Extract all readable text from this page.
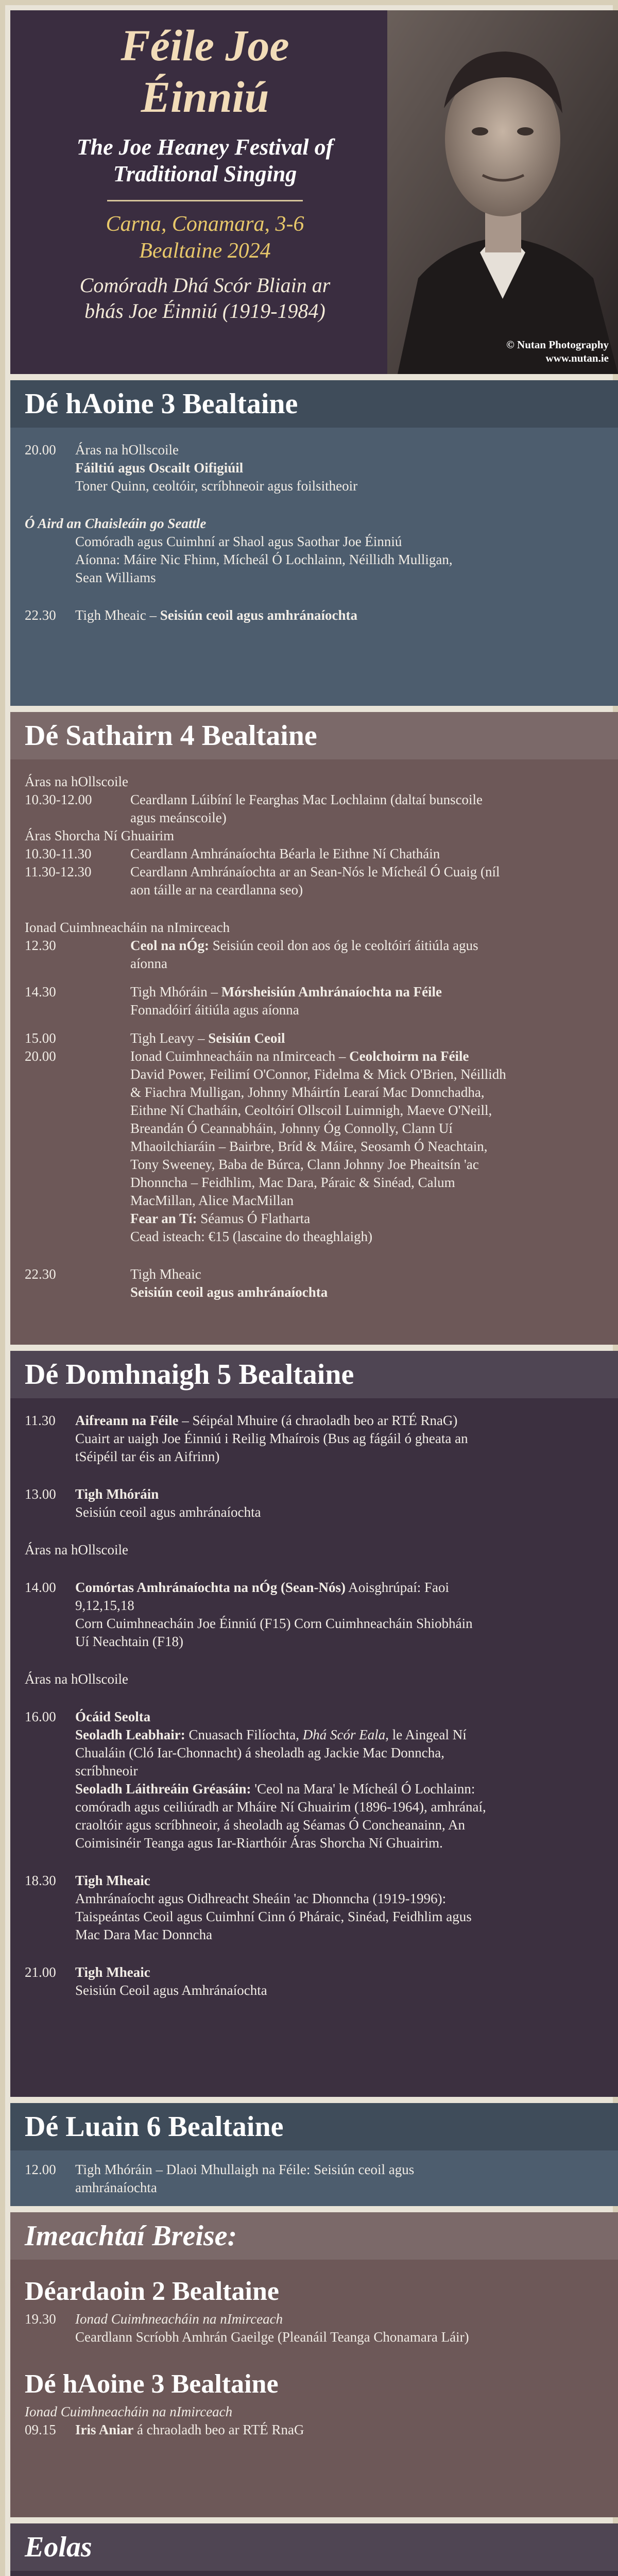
Féile Joe
Éinniú
The Joe Heaney Festival of
Traditional Singing
Carna, Conamara, 3-6
Bealtaine 2024
Comóradh Dhá Scór Bliain ar
bhás Joe Éinniú (1919-1984)
© Nutan Photography
www.nutan.ie
Dé hAoine 3 Bealtaine
20.00	Áras na hOllscoile
Fáiltiú agus Oscailt Oifigiúil
Toner Quinn, ceoltóir, scríbhneoir agus foilsitheoir
Ó Aird an Chaisleáin go Seattle
Comóradh agus Cuimhní ar Shaol agus Saothar Joe Éinniú
Aíonna: Máire Nic Fhinn, Mícheál Ó Lochlainn, Néillidh Mulligan,
Sean Williams
22.30	Tigh Mheaic – Seisiún ceoil agus amhránaíochta
Dé Sathairn 4 Bealtaine
Áras na hOllscoile
10.30-12.00	Ceardlann Lúibíní le Fearghas Mac Lochlainn (daltaí bunscoile
agus meánscoile)
Áras Shorcha Ní Ghuairim
10.30-11.30	Ceardlann Amhránaíochta Béarla le Eithne Ní Chatháin
11.30-12.30	Ceardlann Amhránaíochta ar an Sean-Nós le Mícheál Ó Cuaig (níl
aon táille ar na ceardlanna seo)
Ionad Cuimhneacháin na nImirceach
12.30	Ceol na nÓg: Seisiún ceoil don aos óg le ceoltóirí áitiúla agus
aíonna
14.30	Tigh Mhóráin – Mórsheisiún Amhránaíochta na Féile
Fonnadóirí áitiúla agus aíonna
15.00	Tigh Leavy – Seisiún Ceoil
20.00	Ionad Cuimhneacháin na nImirceach – Ceolchoirm na Féile
David Power, Feilimí O'Connor, Fidelma & Mick O'Brien, Néillidh
& Fiachra Mulligan, Johnny Mháirtín Learaí Mac Donnchadha,
Eithne Ní Chatháin, Ceoltóirí Ollscoil Luimnigh, Maeve O'Neill,
Breandán Ó Ceannabháin, Johnny Óg Connolly, Clann Uí
Mhaoilchiaráin – Bairbre, Bríd & Máire, Seosamh Ó Neachtain,
Tony Sweeney, Baba de Búrca, Clann Johnny Joe Pheaitsín 'ac
Dhonncha – Feidhlim, Mac Dara, Páraic & Sinéad, Calum
MacMillan, Alice MacMillan
Fear an Tí: Séamus Ó Flatharta
Cead isteach: €15 (lascaine do theaghlaigh)
22.30	Tigh Mheaic
Seisiún ceoil agus amhránaíochta
Dé Domhnaigh 5 Bealtaine
11.30	Aifreann na Féile – Séipéal Mhuire (á chraoladh beo ar RTÉ RnaG)
Cuairt ar uaigh Joe Éinniú i Reilig Mhaírois (Bus ag fágáil ó gheata an
tSéipéil tar éis an Aifrinn)
13.00	Tigh Mhóráin
Seisiún ceoil agus amhránaíochta
Áras na hOllscoile
14.00	Comórtas Amhránaíochta na nÓg (Sean-Nós) Aoisghrúpaí: Faoi
9,12,15,18
Corn Cuimhneacháin Joe Éinniú (F15) Corn Cuimhneacháin Shiobháin
Uí Neachtain (F18)
Áras na hOllscoile
16.00	Ócáid Seolta
Seoladh Leabhair: Cnuasach Filíochta, Dhá Scór Eala, le Aingeal Ní
Chualáin (Cló Iar-Chonnacht) á sheoladh ag Jackie Mac Donncha,
scríbhneoir
Seoladh Láithreáin Gréasáin: 'Ceol na Mara' le Mícheál Ó Lochlainn:
comóradh agus ceiliúradh ar Mháire Ní Ghuairim (1896-1964), amhránaí,
craoltóir agus scríbhneoir, á sheoladh ag Séamas Ó Concheanainn, An
Coimisinéir Teanga agus Iar-Riarthóir Áras Shorcha Ní Ghuairim.
18.30	Tigh Mheaic
Amhránaíocht agus Oidhreacht Sheáin 'ac Dhonncha (1919-1996):
Taispeántas Ceoil agus Cuimhní Cinn ó Pháraic, Sinéad, Feidhlim agus
Mac Dara Mac Donncha
21.00	Tigh Mheaic
Seisiún Ceoil agus Amhránaíochta
Dé Luain 6 Bealtaine
12.00	Tigh Mhóráin – Dlaoi Mhullaigh na Féile: Seisiún ceoil agus
amhránaíochta
Imeachtaí Breise:
Déardaoin 2 Bealtaine
19.30	Ionad Cuimhneacháin na nImirceach
Ceardlann Scríobh Amhrán Gaeilge (Pleanáil Teanga Chonamara Láir)
Dé hAoine 3 Bealtaine
Ionad Cuimhneacháin na nImirceach
09.15	Iris Aniar á chraoladh beo ar RTÉ RnaG
Eolas
